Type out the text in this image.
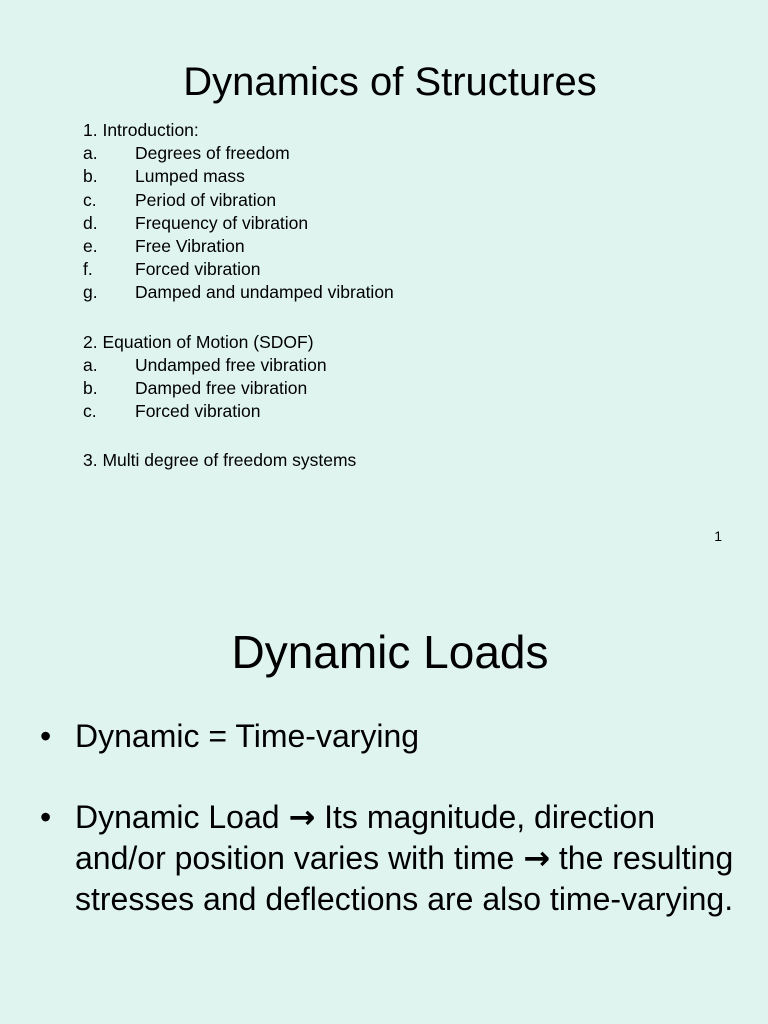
Dynamics of Structures

1. Introduction:

a.	Degrees of freedom
b.	Lumped mass
c.	Period of vibration
d.	Frequency of vibration
e.	Free Vibration
f.	Forced vibration
g.	Damped and undamped vibration

2. Equation of Motion (SDOF)

a.	Undamped free vibration
b.	Damped free vibration
c.	Forced vibration

3. Multi degree of freedom systems

1
Dynamic Loads
• Dynamic = Time-varying
• Dynamic Load → Its magnitude, direction and/or position varies with time → the resulting stresses and deflections are also time-varying.
